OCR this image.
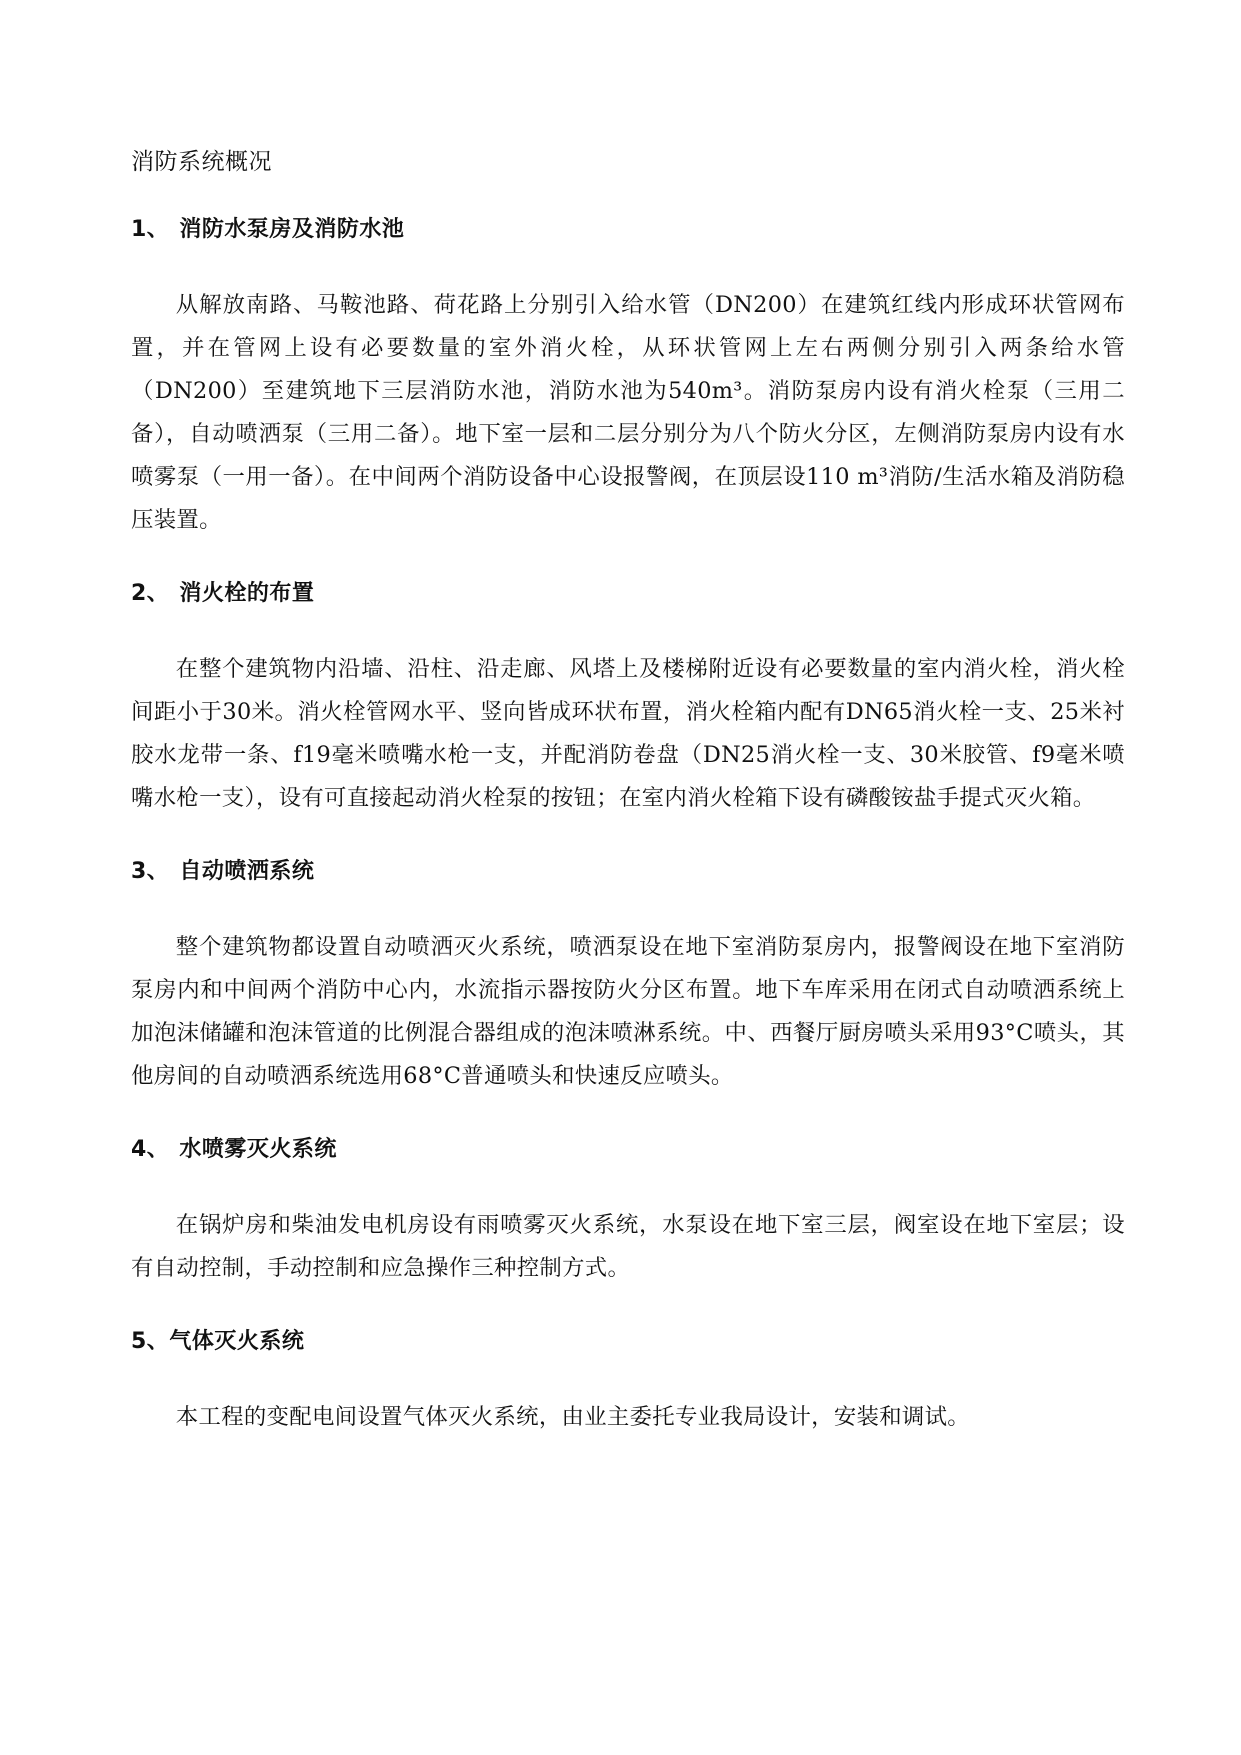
消防系统概况
1、 消防水泵房及消防水池

从解放南路、马鞍池路、荷花路上分别引入给水管（DN200）在建筑红线内形成环状管网布置，并在管网上设有必要数量的室外消火栓，从环状管网上左右两侧分别引入两条给水管（DN200）至建筑地下三层消防水池，消防水池为540m³。消防泵房内设有消火栓泵（三用二备），自动喷洒泵（三用二备）。地下室一层和二层分别分为八个防火分区，左侧消防泵房内设有水喷雾泵（一用一备）。在中间两个消防设备中心设报警阀，在顶层设110 m³消防/生活水箱及消防稳压装置。

2、 消火栓的布置

在整个建筑物内沿墙、沿柱、沿走廊、风塔上及楼梯附近设有必要数量的室内消火栓，消火栓间距小于30米。消火栓管网水平、竖向皆成环状布置，消火栓箱内配有DN65消火栓一支、25米衬胶水龙带一条、f19毫米喷嘴水枪一支，并配消防卷盘（DN25消火栓一支、30米胶管、f9毫米喷嘴水枪一支），设有可直接起动消火栓泵的按钮；在室内消火栓箱下设有磷酸铵盐手提式灭火箱。

3、 自动喷洒系统

整个建筑物都设置自动喷洒灭火系统，喷洒泵设在地下室消防泵房内，报警阀设在地下室消防泵房内和中间两个消防中心内，水流指示器按防火分区布置。地下车库采用在闭式自动喷洒系统上加泡沫储罐和泡沫管道的比例混合器组成的泡沫喷淋系统。中、西餐厅厨房喷头采用93°C喷头，其他房间的自动喷洒系统选用68°C普通喷头和快速反应喷头。

4、 水喷雾灭火系统

在锅炉房和柴油发电机房设有雨喷雾灭火系统，水泵设在地下室三层，阀室设在地下室层；设有自动控制，手动控制和应急操作三种控制方式。

5、气体灭火系统

本工程的变配电间设置气体灭火系统，由业主委托专业我局设计，安装和调试。
